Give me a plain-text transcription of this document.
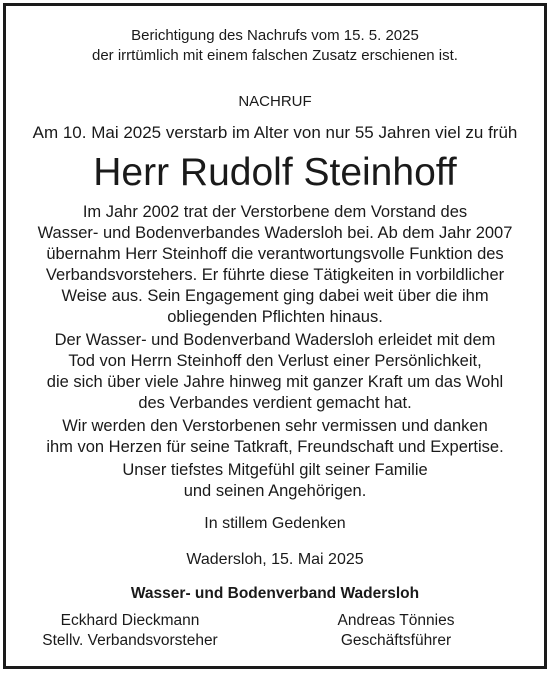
Berichtigung des Nachrufs vom 15. 5. 2025
der irrtümlich mit einem falschen Zusatz erschienen ist.
NACHRUF
Am 10. Mai 2025 verstarb im Alter von nur 55 Jahren viel zu früh
Herr Rudolf Steinhoff
Im Jahr 2002 trat der Verstorbene dem Vorstand des
Wasser- und Bodenverbandes Wadersloh bei. Ab dem Jahr 2007
übernahm Herr Steinhoff die verantwortungsvolle Funktion des
Verbandsvorstehers. Er führte diese Tätigkeiten in vorbildlicher
Weise aus. Sein Engagement ging dabei weit über die ihm
obliegenden Pflichten hinaus.
Der Wasser- und Bodenverband Wadersloh erleidet mit dem
Tod von Herrn Steinhoff den Verlust einer Persönlichkeit,
die sich über viele Jahre hinweg mit ganzer Kraft um das Wohl
des Verbandes verdient gemacht hat.
Wir werden den Verstorbenen sehr vermissen und danken
ihm von Herzen für seine Tatkraft, Freundschaft und Expertise.
Unser tiefstes Mitgefühl gilt seiner Familie
und seinen Angehörigen.
In stillem Gedenken
Wadersloh, 15. Mai 2025
Wasser- und Bodenverband Wadersloh
Eckhard Dieckmann
Stellv. Verbandsvorsteher
Andreas Tönnies
Geschäftsführer
